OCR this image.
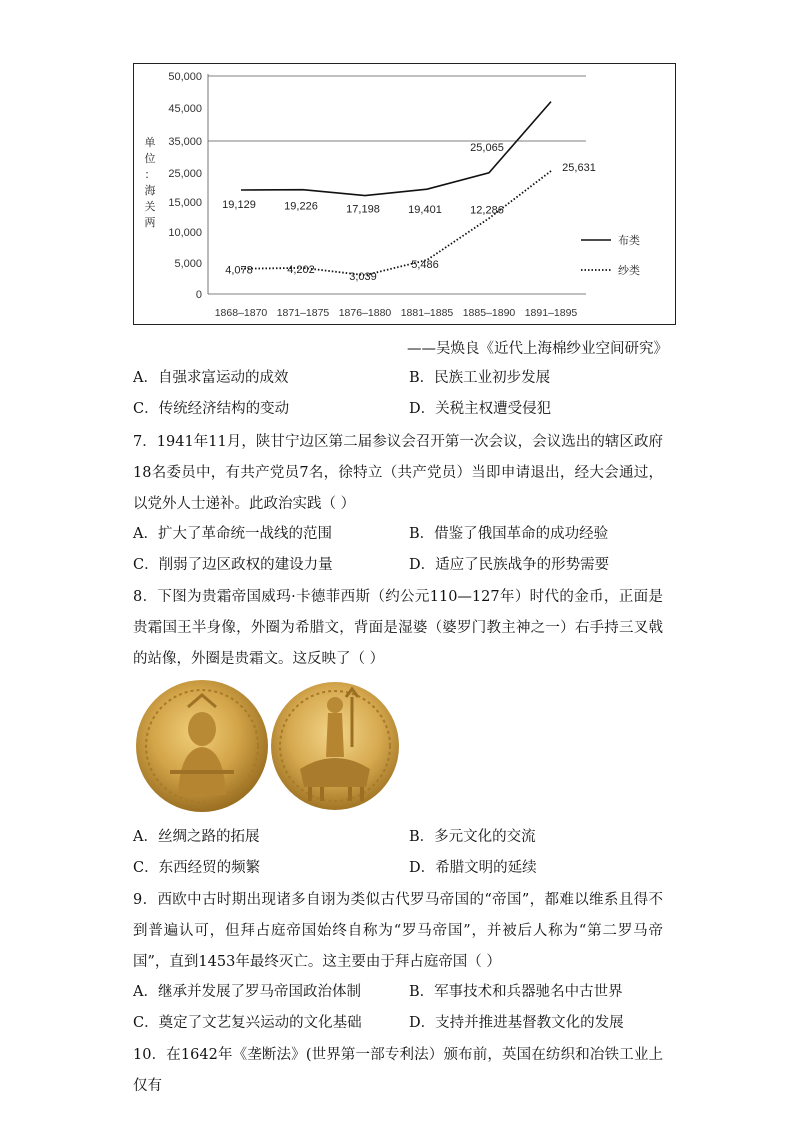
50,000
45,000
35,000
25,000
15,000
10,000
5,000
0
单
位
：
海
关
两
1868–1870 1871–1875 1876–1880 1881–1885 1885–1890 1891–1895
19,129	19,226	17,198	19,401
25,065
4,078	4,202
3,039
5,486
12,286
25,631
布类
纱类
——吴焕良《近代上海棉纱业空间研究》
A．自强求富运动的成效	B．民族工业初步发展
C．传统经济结构的变动	D．关税主权遭受侵犯
7．1941年11月，陕甘宁边区第二届参议会召开第一次会议，会议选出的辖区政府18名委员中，有共产党员7名，徐特立（共产党员）当即申请退出，经大会通过，以党外人士递补。此政治实践（ ）
A．扩大了革命统一战线的范围	B．借鉴了俄国革命的成功经验
C．削弱了边区政权的建设力量	D．适应了民族战争的形势需要
8．下图为贵霜帝国威玛·卡德菲西斯（约公元110—127年）时代的金币，正面是贵霜国王半身像，外圈为希腊文，背面是湿婆（婆罗门教主神之一）右手持三叉戟的站像，外圈是贵霜文。这反映了（ ）
A．丝绸之路的拓展	B．多元文化的交流
C．东西经贸的频繁	D．希腊文明的延续
9．西欧中古时期出现诸多自诩为类似古代罗马帝国的“帝国”，都难以维系且得不到普遍认可，但拜占庭帝国始终自称为“罗马帝国”，并被后人称为“第二罗马帝国”，直到1453年最终灭亡。这主要由于拜占庭帝国（ ）
A．继承并发展了罗马帝国政治体制	B．军事技术和兵器驰名中古世界
C．奠定了文艺复兴运动的文化基础	D．支持并推进基督教文化的发展
10．在1642年《垄断法》(世界第一部专利法）颁布前，英国在纺织和冶铁工业上仅有
